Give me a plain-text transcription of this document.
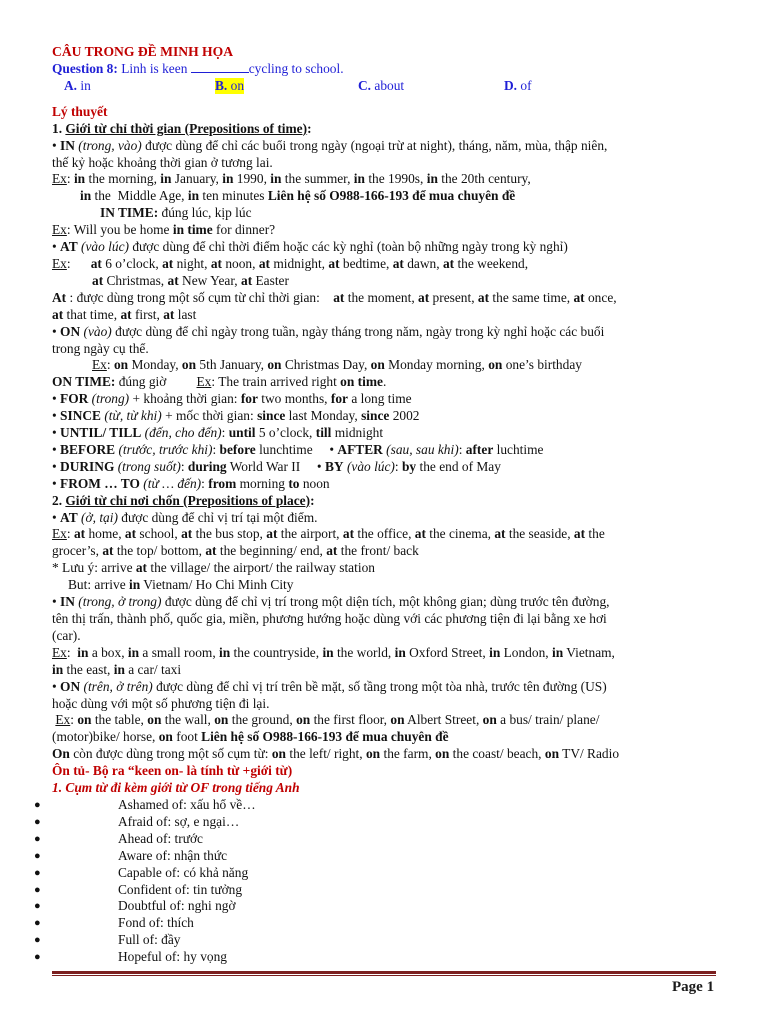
CÂU TRONG ĐỀ MINH HỌA
Question 8: Linh is keen	cycling to school.
A. in	B. on	C. about	D. of
Lý thuyết
1. Giới từ chỉ thời gian (Prepositions of time):
• IN (trong, vào) được dùng để chỉ các buổi trong ngày (ngoại trừ at night), tháng, năm, mùa, thập niên,
thế kỷ hoặc khoảng thời gian ở tương lai.
Ex: in the morning, in January, in 1990, in the summer, in the 1990s, in the 20th century,
in the  Middle Age, in ten minutes Liên hệ số O988-166-193 để mua chuyên đề
IN TIME: đúng lúc, kịp lúc
Ex: Will you be home in time for dinner?
• AT (vào lúc) được dùng để chỉ thời điểm hoặc các kỳ nghỉ (toàn bộ những ngày trong kỳ nghỉ)
Ex:      at 6 o’clock, at night, at noon, at midnight, at bedtime, at dawn, at the weekend,
at Christmas, at New Year, at Easter
At : được dùng trong một số cụm từ chỉ thời gian: at the moment, at present, at the same time, at once,
at that time, at first, at last
• ON (vào) được dùng để chỉ ngày trong tuần, ngày tháng trong năm, ngày trong kỳ nghỉ hoặc các buổi
trong ngày cụ thể.
Ex: on Monday, on 5th January, on Christmas Day, on Monday morning, on one’s birthday
ON TIME: đúng giờ Ex: The train arrived right on time.
• FOR (trong) + khoảng thời gian: for two months, for a long time
• SINCE (từ, từ khi) + mốc thời gian: since last Monday, since 2002
• UNTIL/ TILL (đến, cho đến): until 5 o’clock, till midnight
• BEFORE (trước, trước khi): before lunchtime     • AFTER (sau, sau khi): after luchtime
• DURING (trong suốt): during World War II     • BY (vào lúc): by the end of May
• FROM … TO (từ … đến): from morning to noon
2. Giới từ chỉ nơi chốn (Prepositions of place):
• AT (ở, tại) được dùng để chỉ vị trí tại một điểm.
Ex: at home, at school, at the bus stop, at the airport, at the office, at the cinema, at the seaside, at the
grocer’s, at the top/ bottom, at the beginning/ end, at the front/ back
* Lưu ý: arrive at the village/ the airport/ the railway station
But: arrive in Vietnam/ Ho Chi Minh City
• IN (trong, ở trong) được dùng để chỉ vị trí trong một diện tích, một không gian; dùng trước tên đường,
tên thị trấn, thành phố, quốc gia, miền, phương hướng hoặc dùng với các phương tiện đi lại bằng xe hơi
(car).
Ex:  in a box, in a small room, in the countryside, in the world, in Oxford Street, in London, in Vietnam,
in the east, in a car/ taxi
• ON (trên, ở trên) được dùng để chỉ vị trí trên bề mặt, số tầng trong một tòa nhà, trước tên đường (US)
hoặc dùng với một số phương tiện đi lại.
Ex: on the table, on the wall, on the ground, on the first floor, on Albert Street, on a bus/ train/ plane/
(motor)bike/ horse, on foot Liên hệ số O988-166-193 để mua chuyên đề
On còn được dùng trong một số cụm từ: on the left/ right, on the farm, on the coast/ beach, on TV/ Radio
Ôn tủ- Bộ ra “keen on- là tính từ +giới từ)
1. Cụm từ đi kèm giới từ OF trong tiếng Anh
●	Ashamed of: xấu hổ về…
●	Afraid of: sợ, e ngại…
●	Ahead of: trước
●	Aware of: nhận thức
●	Capable of: có khả năng
●	Confident of: tin tưởng
●	Doubtful of: nghi ngờ
●	Fond of: thích
●	Full of: đầy
●	Hopeful of: hy vọng
Page 1
